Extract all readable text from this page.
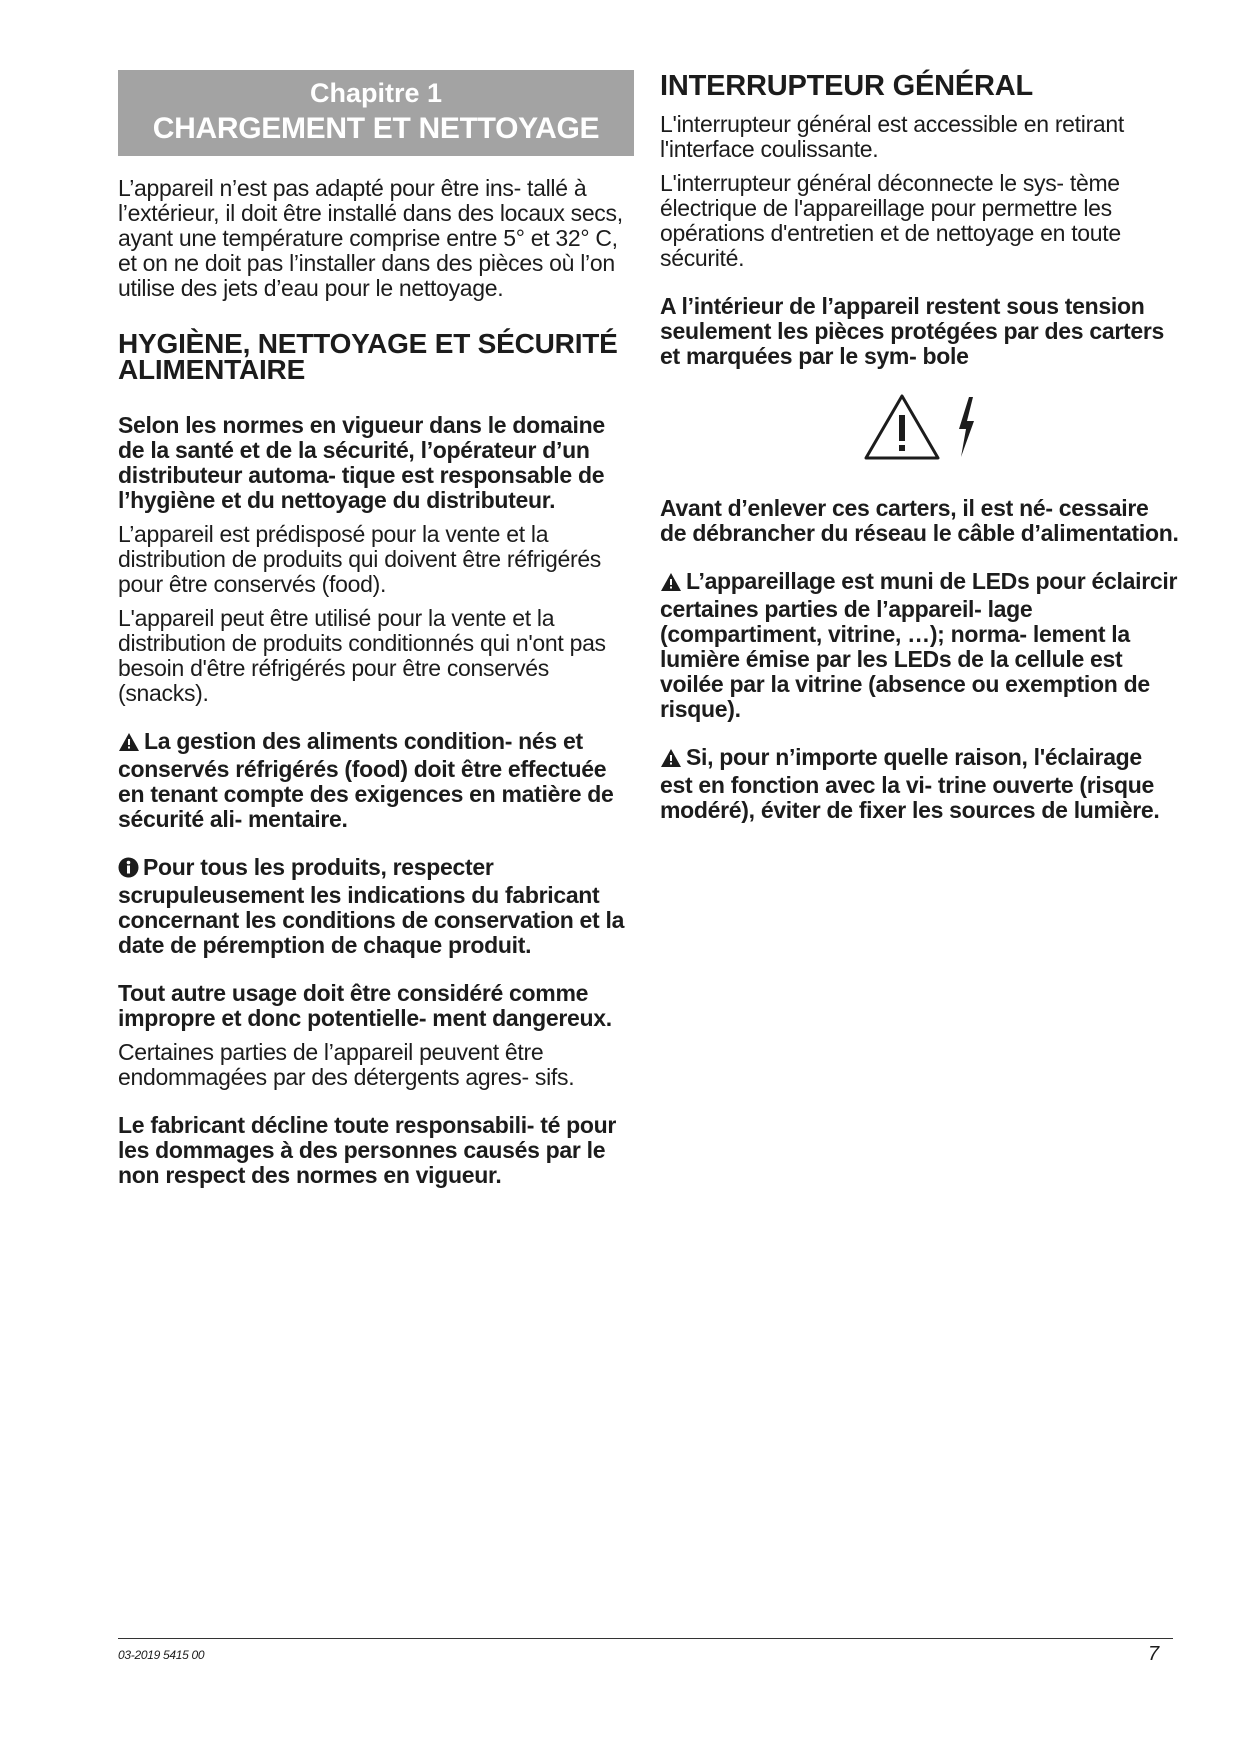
Chapitre 1
CHARGEMENT ET NETTOYAGE

L’appareil n’est pas adapté pour être ins- tallé à l’extérieur, il doit être installé dans des locaux secs, ayant une température comprise entre 5° et 32° C, et on ne doit pas l’installer dans des pièces où l’on utilise des jets d’eau pour le nettoyage.

HYGIÈNE, NETTOYAGE ET SÉCURITÉ ALIMENTAIRE

Selon les normes en vigueur dans le domaine de la santé et de la sécurité, l’opérateur d’un distributeur automa- tique est responsable de l’hygiène et du nettoyage du distributeur.

L’appareil est prédisposé pour la vente et la distribution de produits qui doivent être réfrigérés pour être conservés (food).

L'appareil peut être utilisé pour la vente et la distribution de produits conditionnés qui n'ont pas besoin d'être réfrigérés pour être conservés (snacks).

La gestion des aliments condition- nés et conservés réfrigérés (food) doit être effectuée en tenant compte des exigences en matière de sécurité ali- mentaire.

Pour tous les produits, respecter scrupuleusement les indications du fabricant concernant les conditions de conservation et la date de péremption de chaque produit.

Tout autre usage doit être considéré comme impropre et donc potentielle- ment dangereux.

Certaines parties de l’appareil peuvent être endommagées par des détergents agres- sifs.

Le fabricant décline toute responsabili- té pour les dommages à des personnes causés par le non respect des normes en vigueur.

INTERRUPTEUR GÉNÉRAL

L'interrupteur général est accessible en retirant l'interface coulissante.

L'interrupteur général déconnecte le sys- tème électrique de l'appareillage pour permettre les opérations d'entretien et de nettoyage en toute sécurité.

A l’intérieur de l’appareil restent sous tension seulement les pièces protégées par des carters et marquées par le sym- bole

Avant d’enlever ces carters, il est né- cessaire de débrancher du réseau le câble d’alimentation.

L’appareillage est muni de LEDs pour éclaircir certaines parties de l’appareil- lage (compartiment, vitrine, …); norma- lement la lumière émise par les LEDs de la cellule est voilée par la vitrine (absence ou exemption de risque).

Si, pour n’importe quelle raison, l'éclairage est en fonction avec la vi- trine ouverte (risque modéré), éviter de fixer les sources de lumière.

03-2019 5415 00	7
